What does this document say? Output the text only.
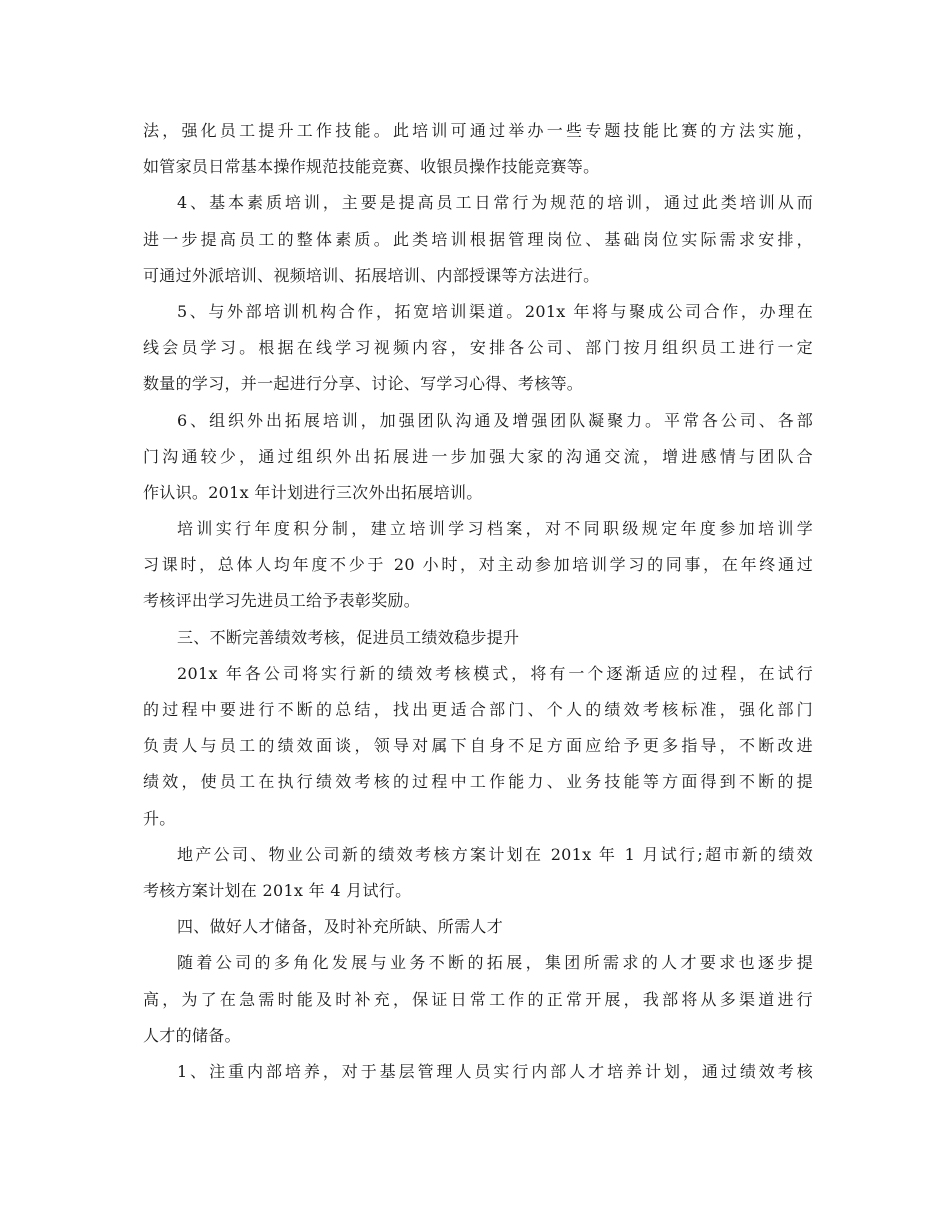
法，强化员工提升工作技能。此培训可通过举办一些专题技能比赛的方法实施，
如管家员日常基本操作规范技能竞赛、收银员操作技能竞赛等。
4、基本素质培训，主要是提高员工日常行为规范的培训，通过此类培训从而
进一步提高员工的整体素质。此类培训根据管理岗位、基础岗位实际需求安排，
可通过外派培训、视频培训、拓展培训、内部授课等方法进行。
5、与外部培训机构合作，拓宽培训渠道。201x 年将与聚成公司合作，办理在
线会员学习。根据在线学习视频内容，安排各公司、部门按月组织员工进行一定
数量的学习，并一起进行分享、讨论、写学习心得、考核等。
6、组织外出拓展培训，加强团队沟通及增强团队凝聚力。平常各公司、各部
门沟通较少，通过组织外出拓展进一步加强大家的沟通交流，增进感情与团队合
作认识。201x 年计划进行三次外出拓展培训。
培训实行年度积分制，建立培训学习档案，对不同职级规定年度参加培训学
习课时，总体人均年度不少于 20 小时，对主动参加培训学习的同事，在年终通过
考核评出学习先进员工给予表彰奖励。
三、不断完善绩效考核，促进员工绩效稳步提升
201x 年各公司将实行新的绩效考核模式，将有一个逐渐适应的过程，在试行
的过程中要进行不断的总结，找出更适合部门、个人的绩效考核标准，强化部门
负责人与员工的绩效面谈，领导对属下自身不足方面应给予更多指导，不断改进
绩效，使员工在执行绩效考核的过程中工作能力、业务技能等方面得到不断的提
升。
地产公司、物业公司新的绩效考核方案计划在 201x 年 1 月试行;超市新的绩效
考核方案计划在 201x 年 4 月试行。
四、做好人才储备，及时补充所缺、所需人才
随着公司的多角化发展与业务不断的拓展，集团所需求的人才要求也逐步提
高，为了在急需时能及时补充，保证日常工作的正常开展，我部将从多渠道进行
人才的储备。
1、注重内部培养，对于基层管理人员实行内部人才培养计划，通过绩效考核
